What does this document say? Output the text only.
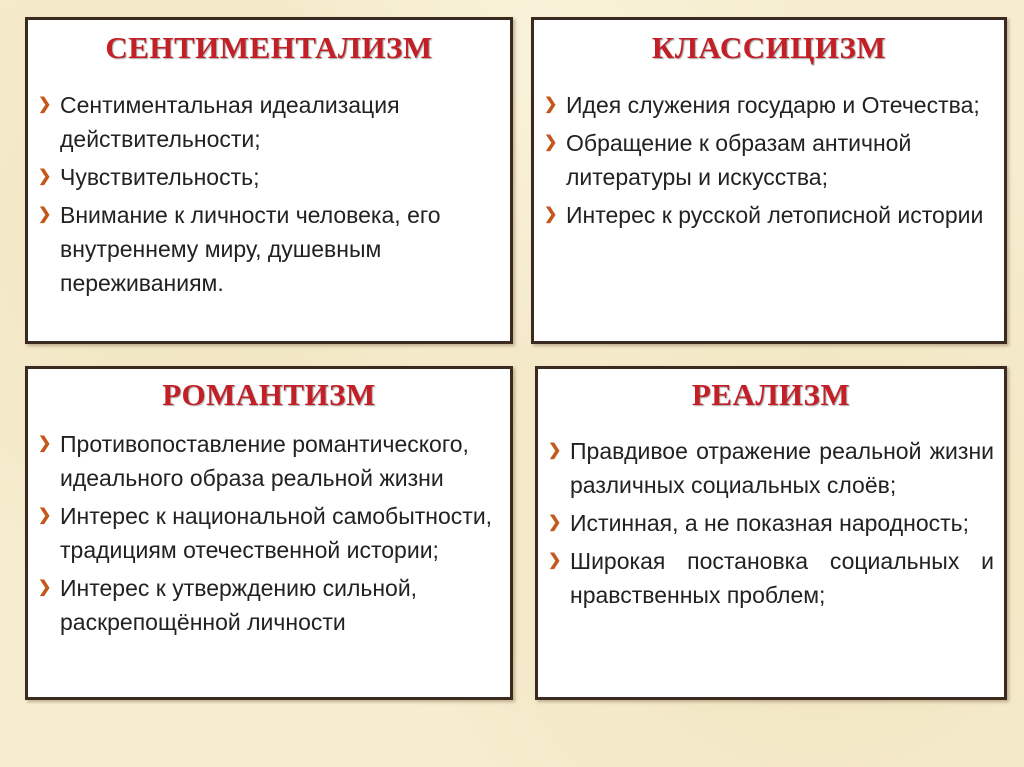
СЕНТИМЕНТАЛИЗМ
❯ Сентиментальная идеализация действительности;
❯ Чувствительность;
❯ Внимание к личности человека, его внутреннему миру, душевным переживаниям.
КЛАССИЦИЗМ
❯ Идея служения государю и Отечества;
❯ Обращение к образам античной литературы и искусства;
❯ Интерес к русской летописной истории
РОМАНТИЗМ
❯ Противопоставление романтического, идеального образа реальной жизни
❯ Интерес к национальной самобытности, традициям отечественной истории;
❯ Интерес к утверждению сильной, раскрепощённой личности
РЕАЛИЗМ
❯ Правдивое отражение реальной жизни различных социальных слоёв;
❯ Истинная, а не показная народность;
❯ Широкая постановка социальных и нравственных проблем;
